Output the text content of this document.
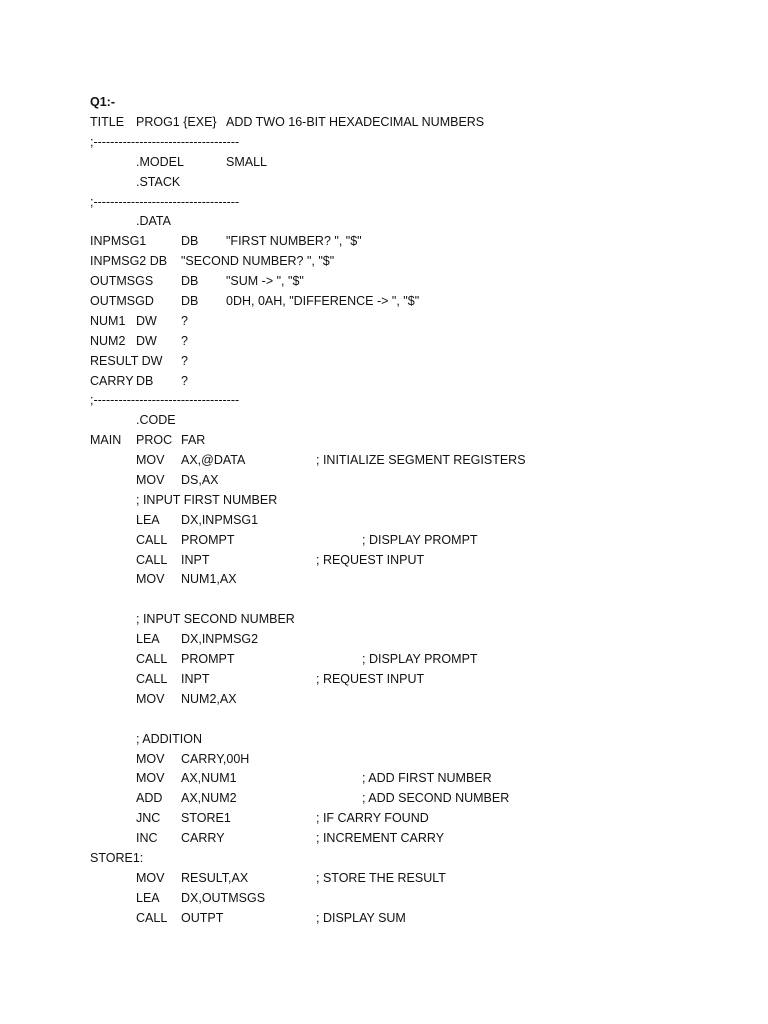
Q1:-
TITLE PROG1 {EXE} ADD TWO 16-BIT HEXADECIMAL NUMBERS
;-----------------------------------
.MODEL	SMALL
.STACK
;-----------------------------------
.DATA
INPMSG1	DB "FIRST NUMBER? ", "$"
INPMSG2 DB "SECOND NUMBER? ", "$"
OUTMSGS DB "SUM -> ", "$"
OUTMSGD DB 0DH, 0AH, "DIFFERENCE -> ", "$"
NUM1 DW ?
NUM2 DW ?
RESULT DW ?
CARRY DB ?
;-----------------------------------
.CODE
MAIN PROC FAR
MOV AX,@DATA	; INITIALIZE SEGMENT REGISTERS
MOV DS,AX
; INPUT FIRST NUMBER
LEA DX,INPMSG1
CALL PROMPT	; DISPLAY PROMPT
CALL INPT	; REQUEST INPUT
MOV NUM1,AX
; INPUT SECOND NUMBER
LEA DX,INPMSG2
CALL PROMPT	; DISPLAY PROMPT
CALL INPT	; REQUEST INPUT
MOV NUM2,AX
; ADDITION
MOV CARRY,00H
MOV AX,NUM1	; ADD FIRST NUMBER
ADD AX,NUM2	; ADD SECOND NUMBER
JNC STORE1	; IF CARRY FOUND
INC CARRY	; INCREMENT CARRY
STORE1:
MOV RESULT,AX	; STORE THE RESULT
LEA DX,OUTMSGS
CALL OUTPT	; DISPLAY SUM
